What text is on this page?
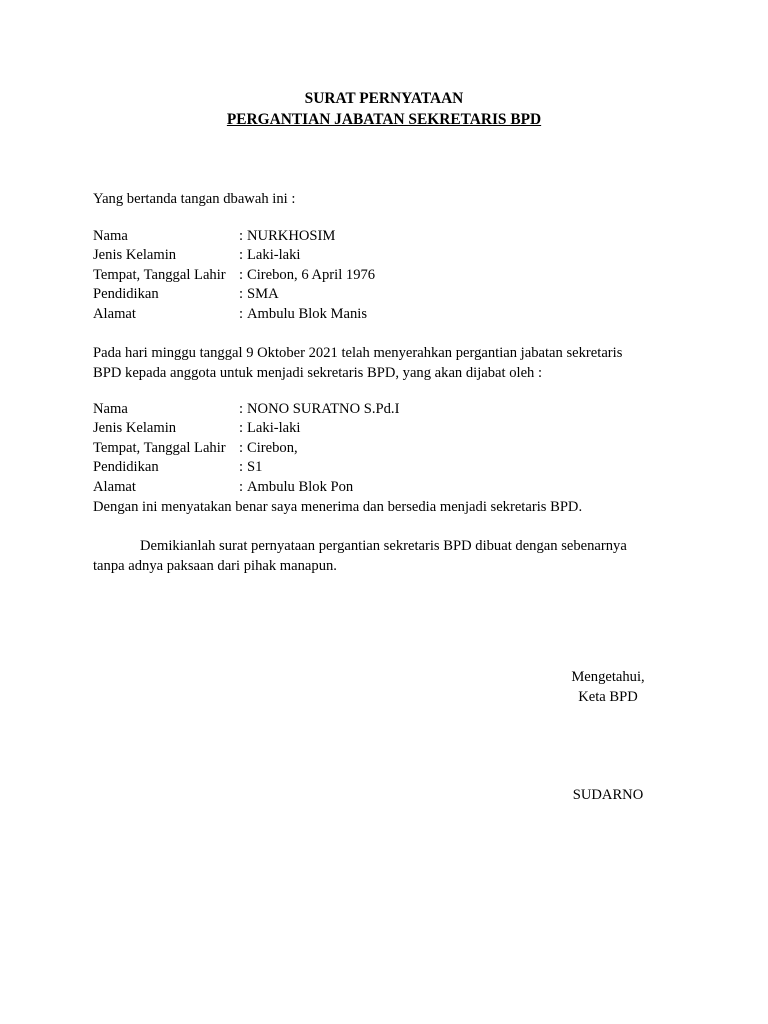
SURAT PERNYATAAN
PERGANTIAN JABATAN SEKRETARIS BPD
Yang bertanda tangan dbawah ini :
Nama	: NURKHOSIM
Jenis Kelamin	: Laki-laki
Tempat, Tanggal Lahir : Cirebon, 6 April 1976
Pendidikan	: SMA
Alamat	: Ambulu Blok Manis
Pada hari minggu tanggal 9 Oktober 2021 telah menyerahkan pergantian jabatan sekretaris
BPD kepada anggota untuk menjadi sekretaris BPD, yang akan dijabat oleh :
Nama	: NONO SURATNO S.Pd.I
Jenis Kelamin	: Laki-laki
Tempat, Tanggal Lahir : Cirebon,
Pendidikan	: S1
Alamat	: Ambulu Blok Pon
Dengan ini menyatakan benar saya menerima dan bersedia menjadi sekretaris BPD.
Demikianlah surat pernyataan pergantian sekretaris BPD dibuat dengan sebenarnya
tanpa adnya paksaan dari pihak manapun.
Mengetahui,
Keta BPD
SUDARNO
